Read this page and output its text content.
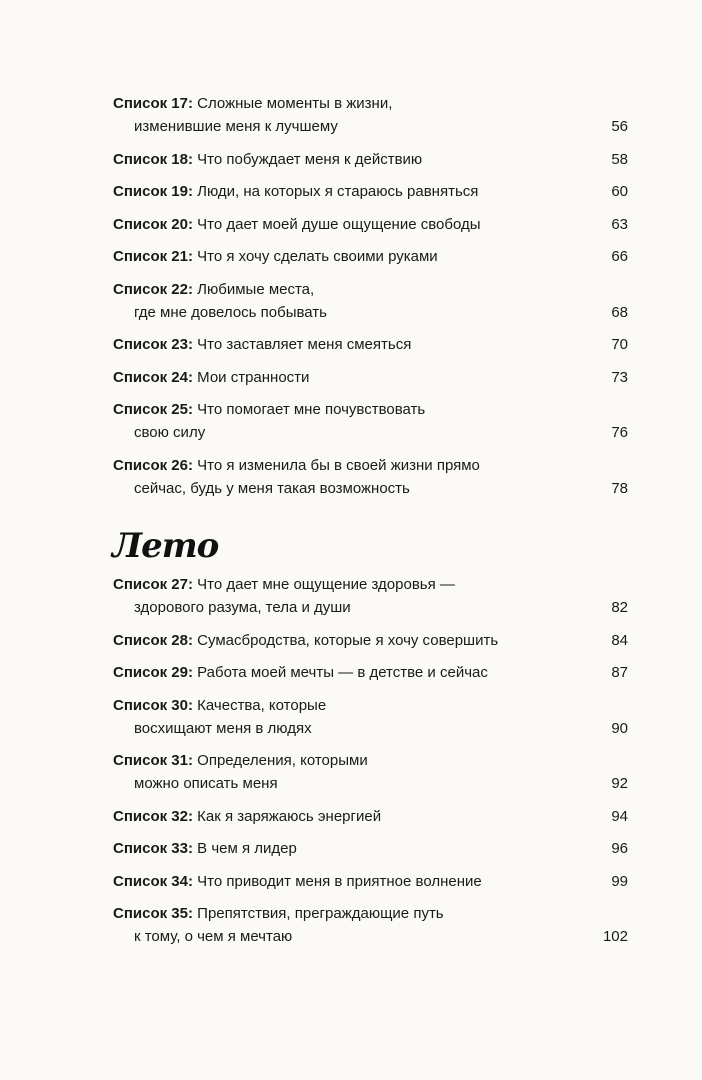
Список 17: Сложные моменты в жизни,
изменившие меня к лучшему	56
Список 18: Что побуждает меня к действию	58
Список 19: Люди, на которых я стараюсь равняться	60
Список 20: Что дает моей душе ощущение свободы	63
Список 21: Что я хочу сделать своими руками	66
Список 22: Любимые места,
где мне довелось побывать	68
Список 23: Что заставляет меня смеяться	70
Список 24: Мои странности	73
Список 25: Что помогает мне почувствовать
свою силу	76
Список 26: Что я изменила бы в своей жизни прямо
сейчас, будь у меня такая возможность	78
Лето
Список 27: Что дает мне ощущение здоровья —
здорового разума, тела и души	82
Список 28: Сумасбродства, которые я хочу совершить	84
Список 29: Работа моей мечты — в детстве и сейчас	87
Список 30: Качества, которые
восхищают меня в людях	90
Список 31: Определения, которыми
можно описать меня	92
Список 32: Как я заряжаюсь энергией	94
Список 33: В чем я лидер	96
Список 34: Что приводит меня в приятное волнение	99
Список 35: Препятствия, преграждающие путь
к тому, о чем я мечтаю	102
